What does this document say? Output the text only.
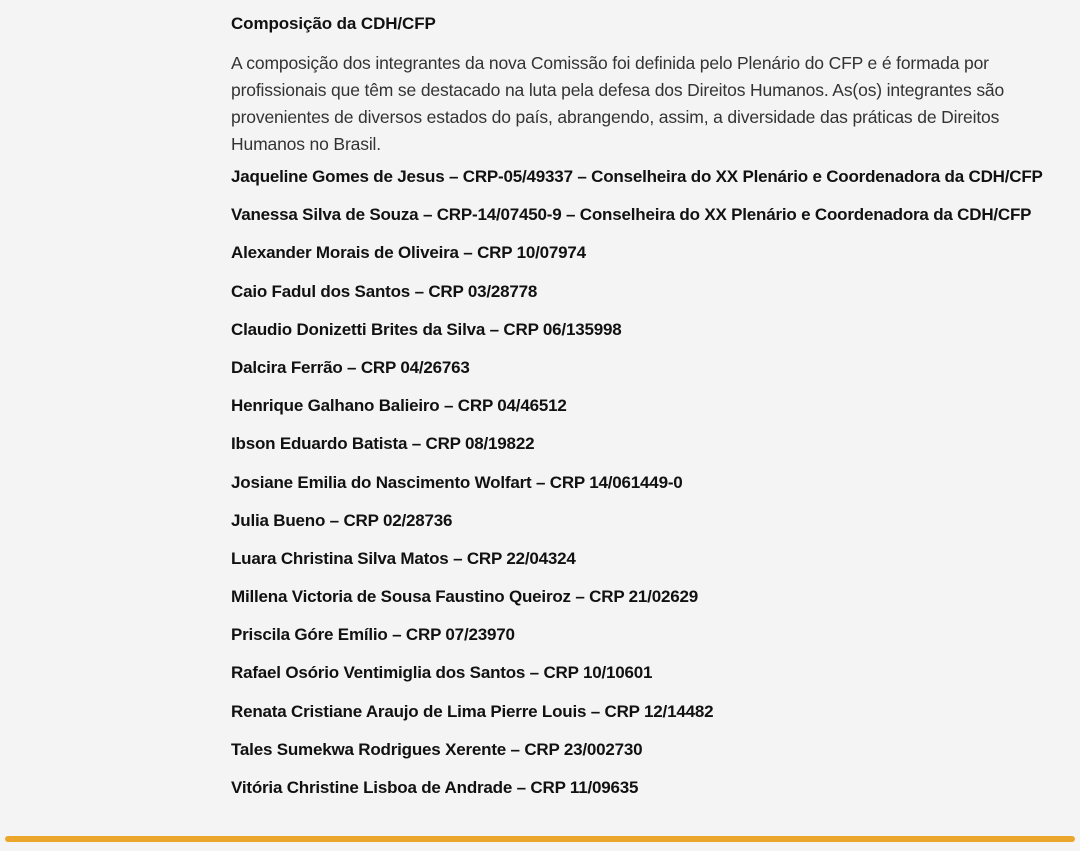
Composição da CDH/CFP

A composição dos integrantes da nova Comissão foi definida pelo Plenário do CFP e é formada por profissionais que têm se destacado na luta pela defesa dos Direitos Humanos. As(os) integrantes são provenientes de diversos estados do país, abrangendo, assim, a diversidade das práticas de Direitos Humanos no Brasil.

Jaqueline Gomes de Jesus – CRP-05/49337 – Conselheira do XX Plenário e Coordenadora da CDH/CFP
Vanessa Silva de Souza – CRP-14/07450-9 – Conselheira do XX Plenário e Coordenadora da CDH/CFP
Alexander Morais de Oliveira – CRP 10/07974
Caio Fadul dos Santos – CRP 03/28778
Claudio Donizetti Brites da Silva – CRP 06/135998
Dalcira Ferrão – CRP 04/26763
Henrique Galhano Balieiro – CRP 04/46512
Ibson Eduardo Batista – CRP 08/19822
Josiane Emilia do Nascimento Wolfart – CRP 14/061449-0
Julia Bueno – CRP 02/28736
Luara Christina Silva Matos – CRP 22/04324
Millena Victoria de Sousa Faustino Queiroz – CRP 21/02629
Priscila Góre Emílio – CRP 07/23970
Rafael Osório Ventimiglia dos Santos – CRP 10/10601
Renata Cristiane Araujo de Lima Pierre Louis – CRP 12/14482
Tales Sumekwa Rodrigues Xerente – CRP 23/002730
Vitória Christine Lisboa de Andrade – CRP 11/09635
